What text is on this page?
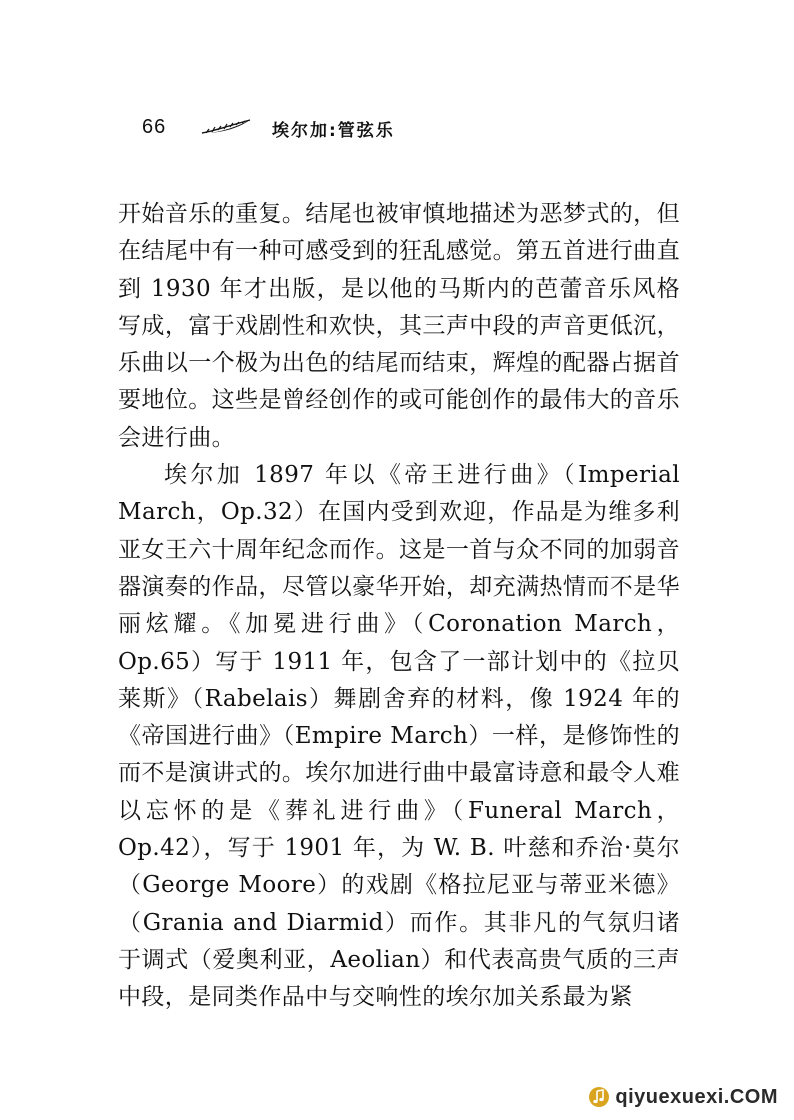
66	埃尔加:管弦乐

开始音乐的重复。结尾也被审慎地描述为恶梦式的，但在结尾中有一种可感受到的狂乱感觉。第五首进行曲直到 1930 年才出版，是以他的马斯内的芭蕾音乐风格写成，富于戏剧性和欢快，其三声中段的声音更低沉，乐曲以一个极为出色的结尾而结束，辉煌的配器占据首要地位。这些是曾经创作的或可能创作的最伟大的音乐会进行曲。

埃尔加 1897 年以《帝王进行曲》（Imperial March，Op.32）在国内受到欢迎，作品是为维多利亚女王六十周年纪念而作。这是一首与众不同的加弱音器演奏的作品，尽管以豪华开始，却充满热情而不是华丽炫耀。《加冕进行曲》（Coronation March，Op.65）写于 1911 年，包含了一部计划中的《拉贝莱斯》（Rabelais）舞剧舍弃的材料，像 1924 年的《帝国进行曲》（Empire March）一样，是修饰性的而不是演讲式的。埃尔加进行曲中最富诗意和最令人难以忘怀的是《葬礼进行曲》（Funeral March，Op.42），写于 1901 年，为 W. B. 叶慈和乔治·莫尔（George Moore）的戏剧《格拉尼亚与蒂亚米德》（Grania and Diarmid）而作。其非凡的气氛归诸于调式（爱奥利亚，Aeolian）和代表高贵气质的三声中段，是同类作品中与交响性的埃尔加关系最为紧

qiyuexuexi.COM
